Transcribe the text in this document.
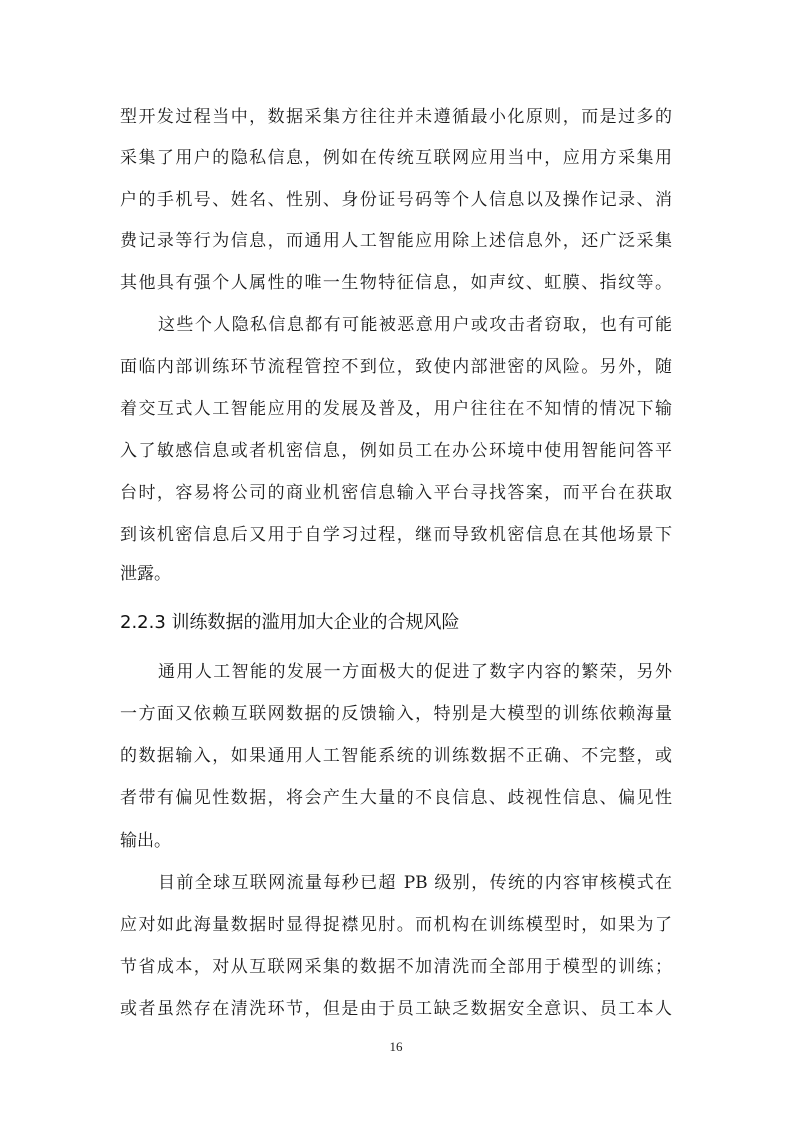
型开发过程当中，数据采集方往往并未遵循最小化原则，而是过多的
采集了用户的隐私信息，例如在传统互联网应用当中，应用方采集用
户的手机号、姓名、性别、身份证号码等个人信息以及操作记录、消
费记录等行为信息，而通用人工智能应用除上述信息外，还广泛采集
其他具有强个人属性的唯一生物特征信息，如声纹、虹膜、指纹等。
这些个人隐私信息都有可能被恶意用户或攻击者窃取，也有可能
面临内部训练环节流程管控不到位，致使内部泄密的风险。另外，随
着交互式人工智能应用的发展及普及，用户往往在不知情的情况下输
入了敏感信息或者机密信息，例如员工在办公环境中使用智能问答平
台时，容易将公司的商业机密信息输入平台寻找答案，而平台在获取
到该机密信息后又用于自学习过程，继而导致机密信息在其他场景下
泄露。
2.2.3 训练数据的滥用加大企业的合规风险
通用人工智能的发展一方面极大的促进了数字内容的繁荣，另外
一方面又依赖互联网数据的反馈输入，特别是大模型的训练依赖海量
的数据输入，如果通用人工智能系统的训练数据不正确、不完整，或
者带有偏见性数据，将会产生大量的不良信息、歧视性信息、偏见性
输出。
目前全球互联网流量每秒已超 PB 级别，传统的内容审核模式在
应对如此海量数据时显得捉襟见肘。而机构在训练模型时，如果为了
节省成本，对从互联网采集的数据不加清洗而全部用于模型的训练；
或者虽然存在清洗环节，但是由于员工缺乏数据安全意识、员工本人
16
